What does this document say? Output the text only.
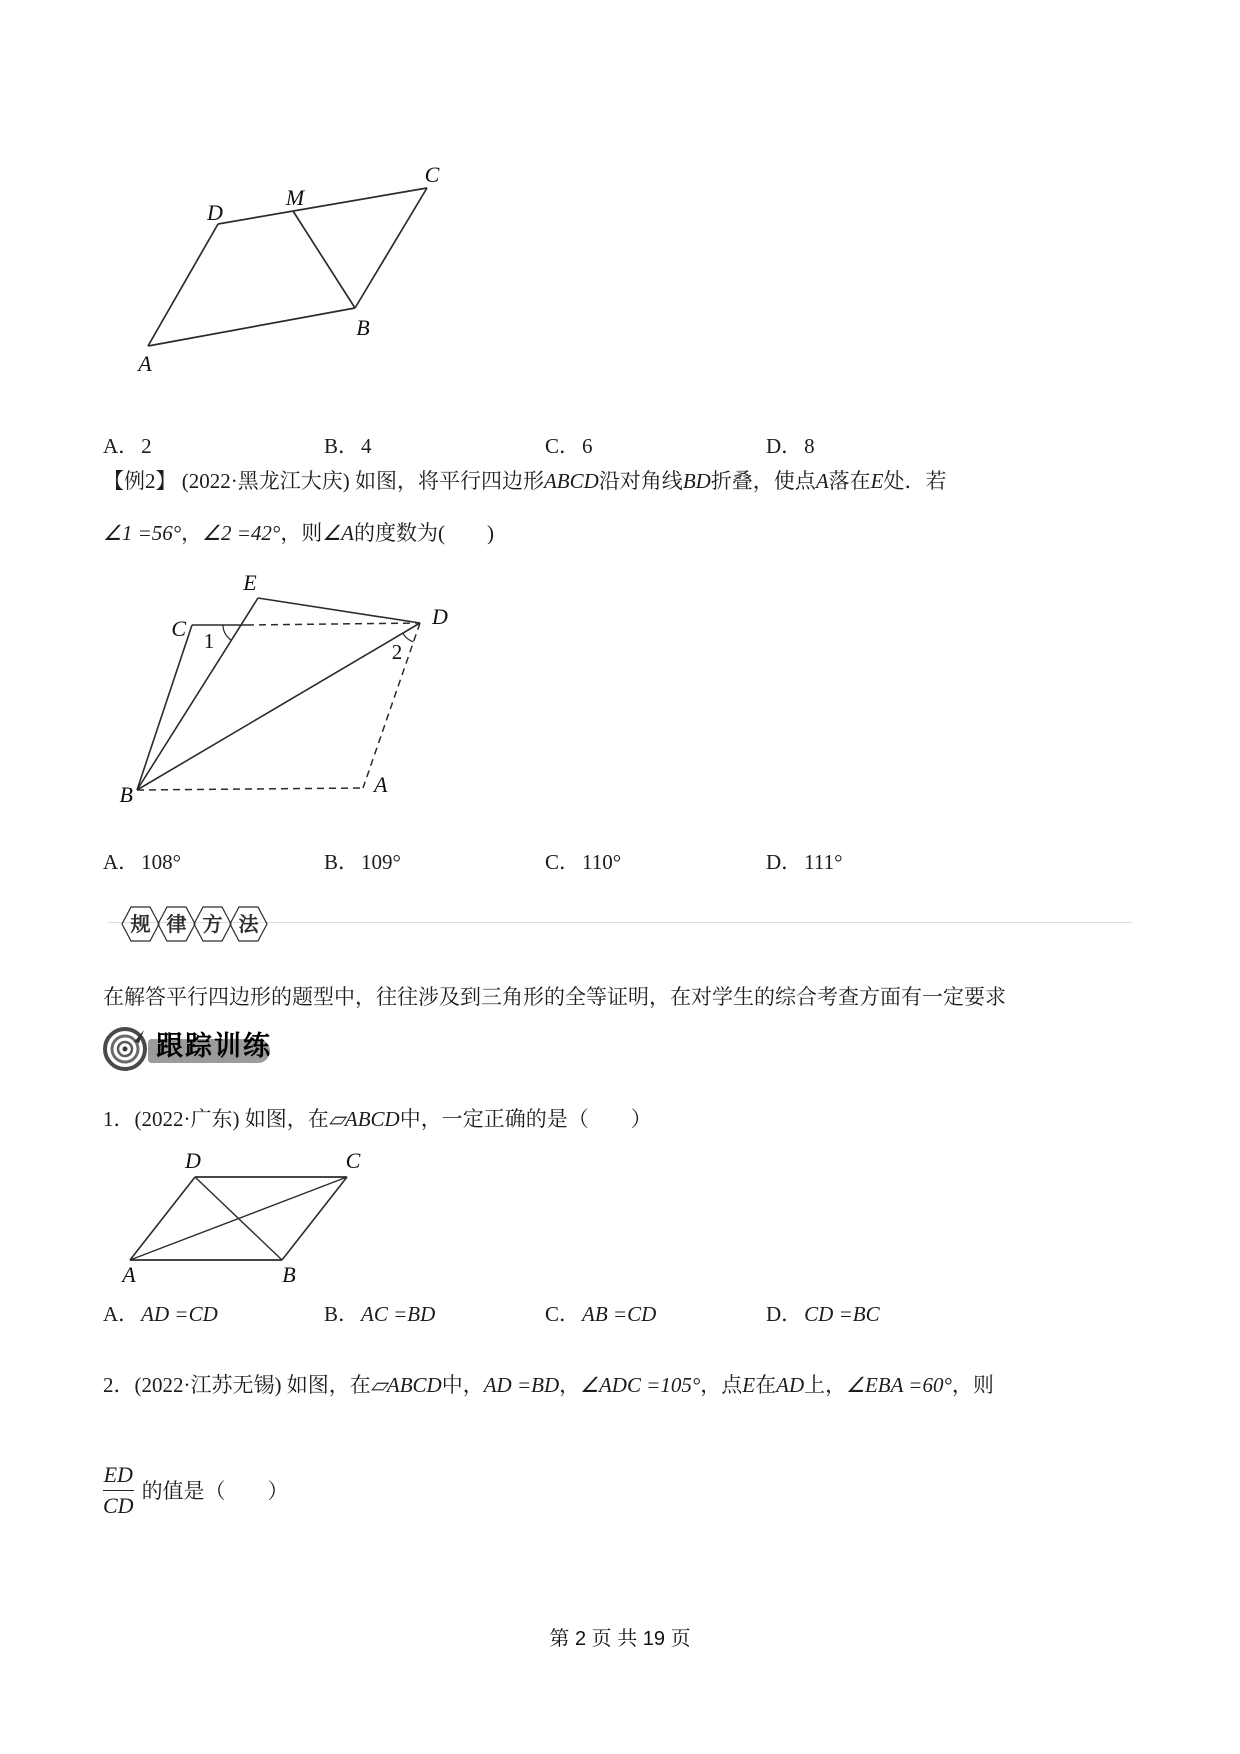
A
D
M
C
B
A．2	B．4	C．6	D．8
【例2】 (2022·黑龙江大庆) 如图，将平行四边形ABCD沿对角线BD折叠，使点A落在E处．若
∠1 =56°，∠2 =42°，则∠A的度数为(　　)
E
C	D
B	A
1	2
A．108°	B．109°	C．110°	D．111°
规 律 方 法
在解答平行四边形的题型中，往往涉及到三角形的全等证明，在对学生的综合考查方面有一定要求
跟踪训练
1．(2022·广东) 如图，在▱ABCD中，一定正确的是（　　）
D	C
A	B
A．AD =CD	B．AC =BD	C．AB =CD	D．CD =BC
2．(2022·江苏无锡) 如图，在▱ABCD中，AD =BD，∠ADC =105°，点E在AD上，∠EBA =60°，则
$\frac{ED}{CD}$ 的值是（　　）
第 2 页 共 19 页
